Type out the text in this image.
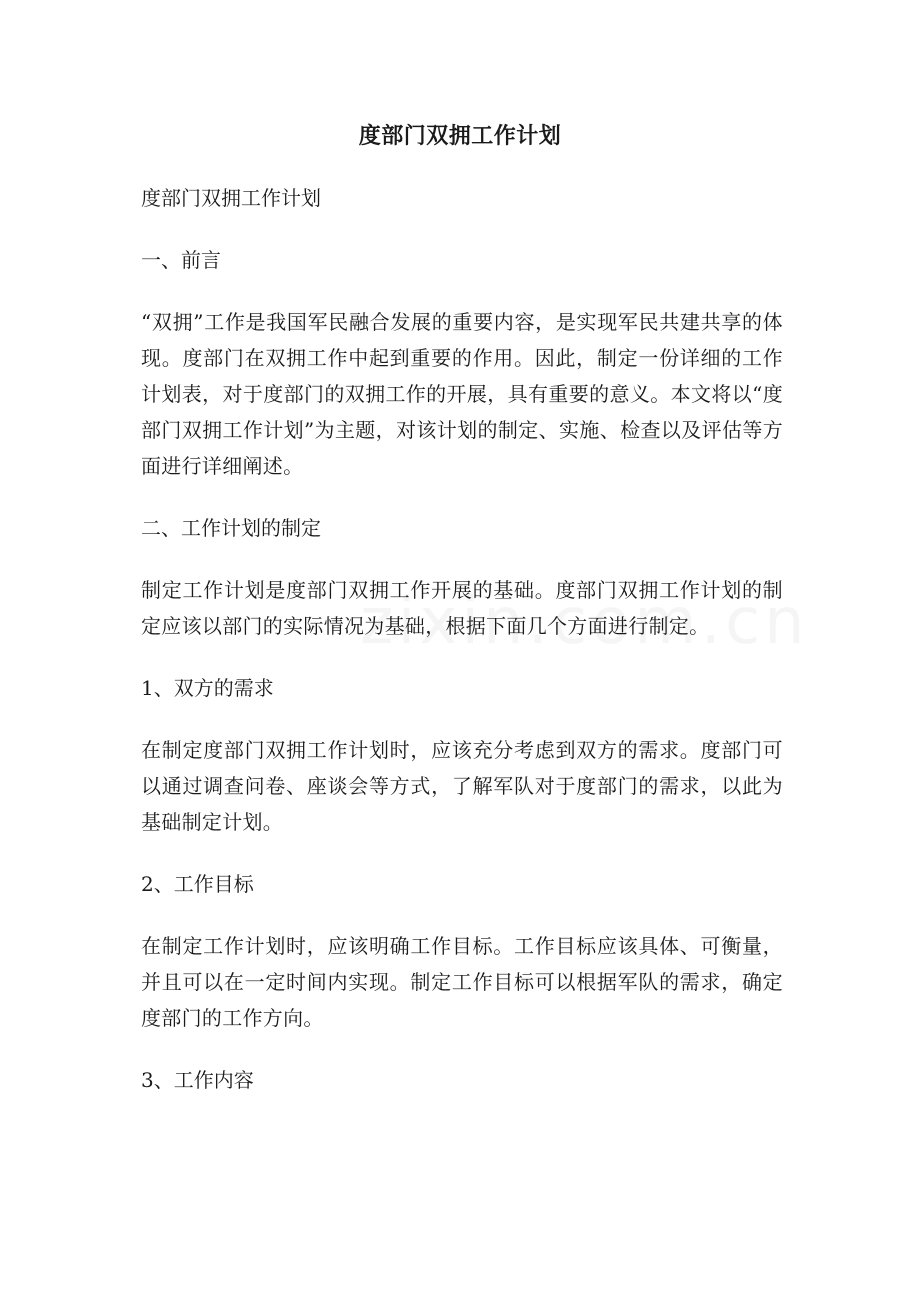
度部门双拥工作计划

度部门双拥工作计划

一、前言

“双拥”工作是我国军民融合发展的重要内容，是实现军民共建共享的体现。度部门在双拥工作中起到重要的作用。因此，制定一份详细的工作计划表，对于度部门的双拥工作的开展，具有重要的意义。本文将以“度部门双拥工作计划”为主题，对该计划的制定、实施、检查以及评估等方面进行详细阐述。

二、工作计划的制定

制定工作计划是度部门双拥工作开展的基础。度部门双拥工作计划的制定应该以部门的实际情况为基础，根据下面几个方面进行制定。

1、双方的需求

在制定度部门双拥工作计划时，应该充分考虑到双方的需求。度部门可以通过调查问卷、座谈会等方式，了解军队对于度部门的需求，以此为基础制定计划。

2、工作目标

在制定工作计划时，应该明确工作目标。工作目标应该具体、可衡量，并且可以在一定时间内实现。制定工作目标可以根据军队的需求，确定度部门的工作方向。

3、工作内容
